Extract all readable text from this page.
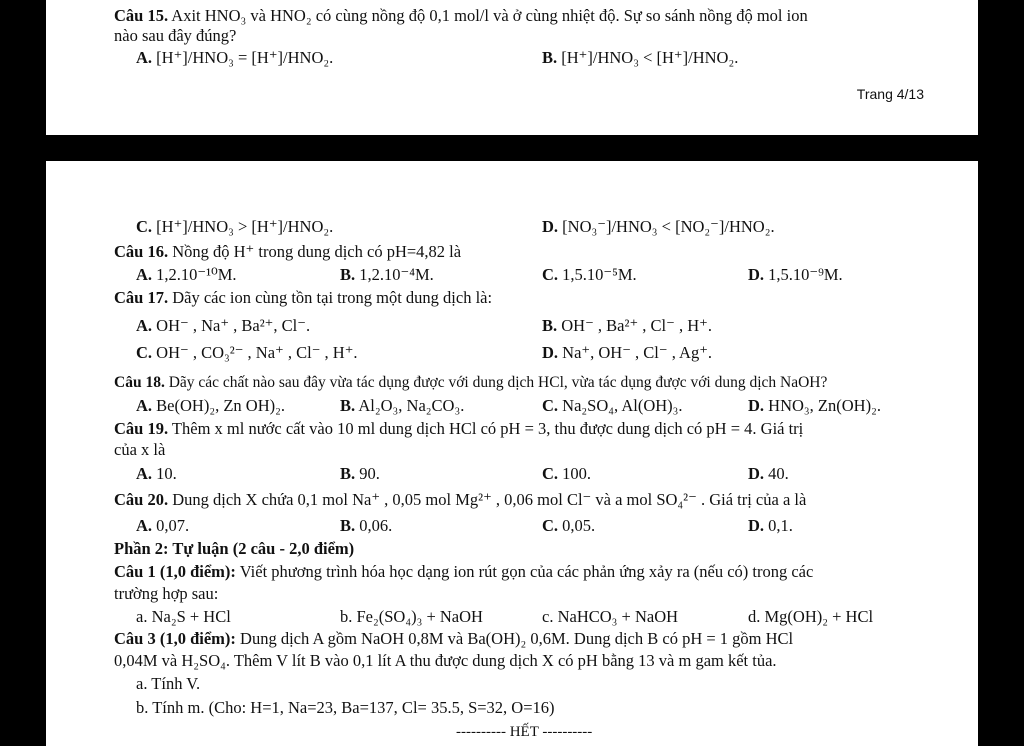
Câu 15. Axit HNO₃ và HNO₂ có cùng nồng độ 0,1 mol/l và ở cùng nhiệt độ. Sự so sánh nồng độ mol ion
nào sau đây đúng?
A. [H⁺]/HNO₃ = [H⁺]/HNO₂.	B. [H⁺]/HNO₃ < [H⁺]/HNO₂.
Trang 4/13
C. [H⁺]/HNO₃ > [H⁺]/HNO₂.	D. [NO₃⁻]/HNO₃ < [NO₂⁻]/HNO₂.
Câu 16. Nồng độ H⁺ trong dung dịch có pH=4,82 là
A. 1,2.10⁻¹⁰M.	B. 1,2.10⁻⁴M.	C. 1,5.10⁻⁵M.	D. 1,5.10⁻⁹M.
Câu 17. Dãy các ion cùng tồn tại trong một dung dịch là:
A. OH⁻ , Na⁺ , Ba²⁺, Cl⁻.	B. OH⁻ , Ba²⁺ , Cl⁻ , H⁺.
C. OH⁻ , CO₃²⁻ , Na⁺ , Cl⁻ , H⁺.	D. Na⁺, OH⁻ , Cl⁻ , Ag⁺.
Câu 18. Dãy các chất nào sau đây vừa tác dụng được với dung dịch HCl, vừa tác dụng được với dung dịch NaOH?
A. Be(OH)₂, Zn OH)₂.	B. Al₂O₃, Na₂CO₃.	C. Na₂SO₄, Al(OH)₃.	D. HNO₃, Zn(OH)₂.
Câu 19. Thêm x ml nước cất vào 10 ml dung dịch HCl có pH = 3, thu được dung dịch có pH = 4. Giá trị
của x là
A. 10.	B. 90.	C. 100.	D. 40.
Câu 20. Dung dịch X chứa 0,1 mol Na⁺ , 0,05 mol Mg²⁺ , 0,06 mol Cl⁻ và a mol SO₄²⁻ . Giá trị của a là
A. 0,07.	B. 0,06.	C. 0,05.	D. 0,1.
Phần 2: Tự luận (2 câu - 2,0 điểm)
Câu 1 (1,0 điểm): Viết phương trình hóa học dạng ion rút gọn của các phản ứng xảy ra (nếu có) trong các
trường hợp sau:
a. Na₂S + HCl	b. Fe₂(SO₄)₃ + NaOH	c. NaHCO₃ + NaOH	d. Mg(OH)₂ + HCl
Câu 3 (1,0 điểm): Dung dịch A gồm NaOH 0,8M và Ba(OH)₂ 0,6M. Dung dịch B có pH = 1 gồm HCl
0,04M và H₂SO₄. Thêm V lít B vào 0,1 lít A thu được dung dịch X có pH bằng 13 và m gam kết tủa.
a. Tính V.
b. Tính m. (Cho: H=1, Na=23, Ba=137, Cl= 35.5, S=32, O=16)
---------- HẾT ----------
